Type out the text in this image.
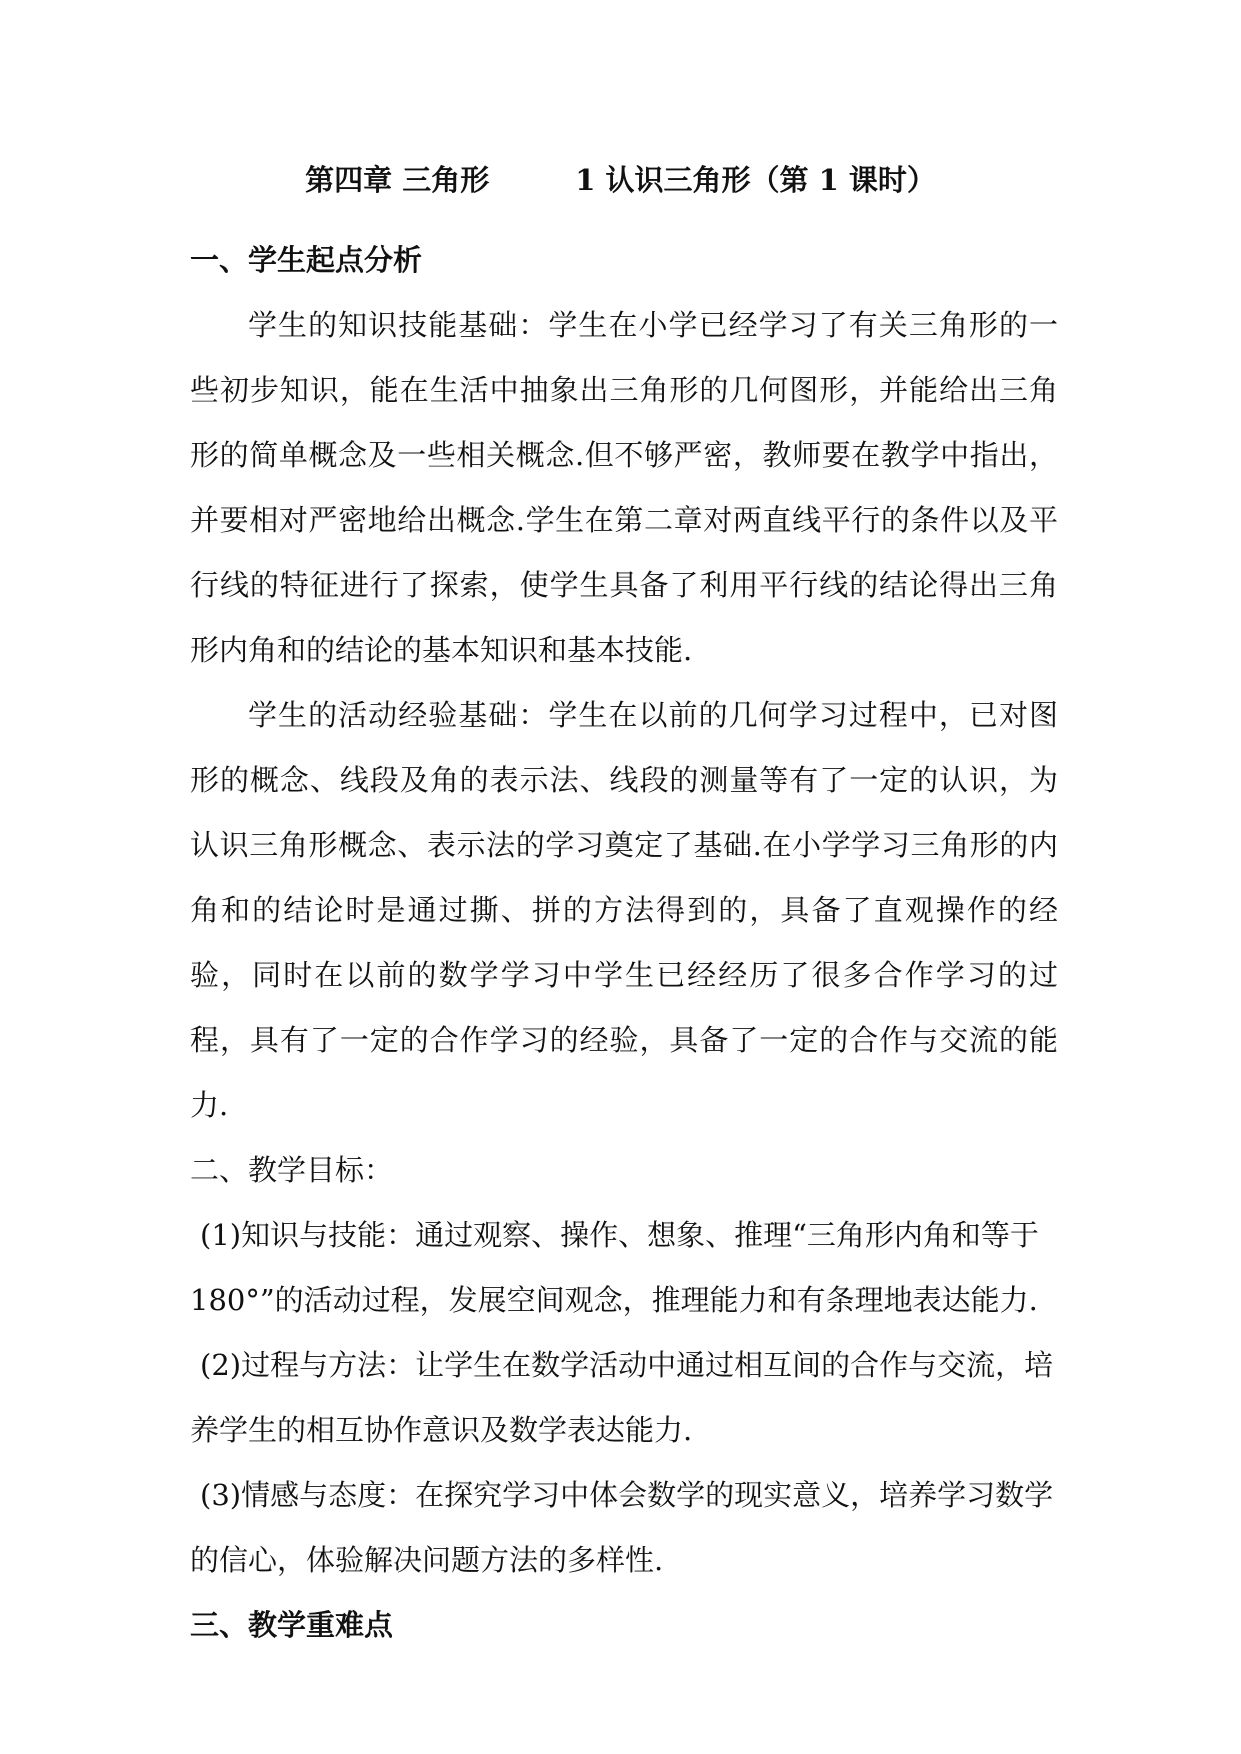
第四章 三角形	1 认识三角形（第 1 课时）

一、学生起点分析

学生的知识技能基础：学生在小学已经学习了有关三角形的一些初步知识，能在生活中抽象出三角形的几何图形，并能给出三角形的简单概念及一些相关概念.但不够严密，教师要在教学中指出，并要相对严密地给出概念.学生在第二章对两直线平行的条件以及平行线的特征进行了探索，使学生具备了利用平行线的结论得出三角形内角和的结论的基本知识和基本技能.

学生的活动经验基础：学生在以前的几何学习过程中，已对图形的概念、线段及角的表示法、线段的测量等有了一定的认识，为认识三角形概念、表示法的学习奠定了基础.在小学学习三角形的内角和的结论时是通过撕、拼的方法得到的，具备了直观操作的经验，同时在以前的数学学习中学生已经经历了很多合作学习的过程，具有了一定的合作学习的经验，具备了一定的合作与交流的能力.

二、教学目标：

(1)知识与技能：通过观察、操作、想象、推理“三角形内角和等于
180°”的活动过程，发展空间观念，推理能力和有条理地表达能力.
(2)过程与方法：让学生在数学活动中通过相互间的合作与交流，培
养学生的相互协作意识及数学表达能力.
(3)情感与态度：在探究学习中体会数学的现实意义，培养学习数学
的信心，体验解决问题方法的多样性.

三、教学重难点
